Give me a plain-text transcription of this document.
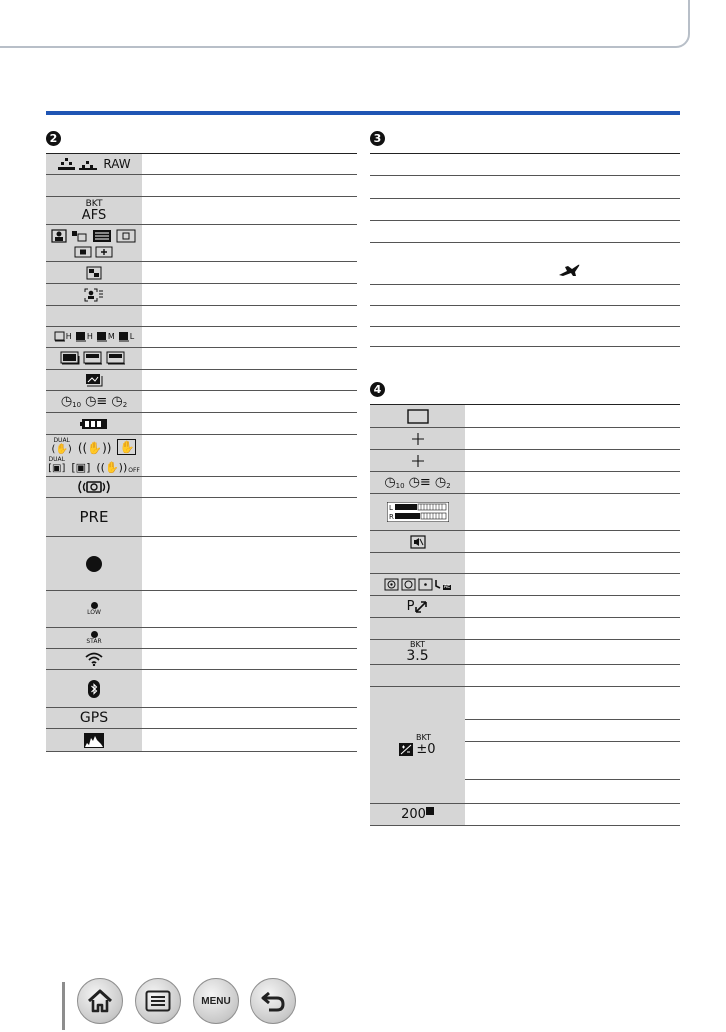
2
RAW
BKT
AFS
H H M L
◷ 10 ◷≡ ◷ 2
DUAL
(✋) ((✋)) ✋
DUAL
[▣] [▣] ((✋)) OFF
PRE
LOW
STAR
GPS
3
4
◷ 10 ◷≡ ◷ 2
L
R
AE
P
BKT
3.5
BKT
±0
200
MENU
